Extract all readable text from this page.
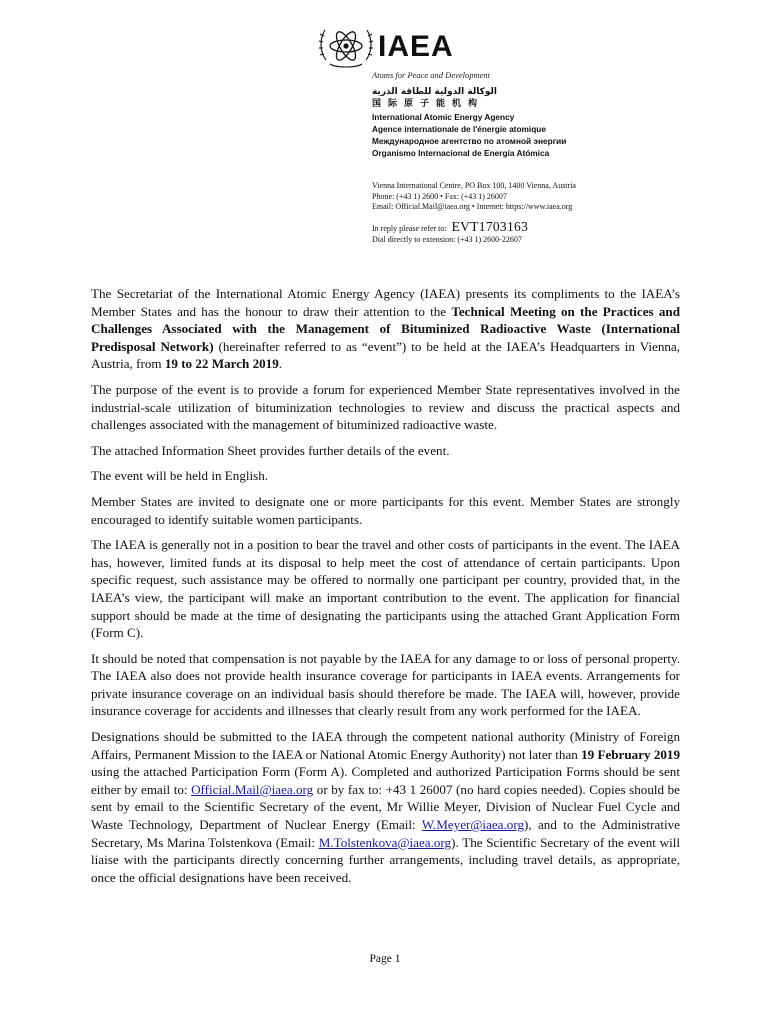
IAEA
Atoms for Peace and Development
الوكالة الدولية للطاقة الذرية
国际原子能机构
International Atomic Energy Agency
Agence internationale de l'énergie atomique
Международное агентство по атомной энергии
Organismo Internacional de Energía Atómica
Vienna International Centre, PO Box 100, 1400 Vienna, Austria
Phone: (+43 1) 2600 • Fax: (+43 1) 26007
Email: Official.Mail@iaea.org • Internet: https://www.iaea.org
In reply please refer to: EVT1703163
Dial directly to extension: (+43 1) 2600-22607

The Secretariat of the International Atomic Energy Agency (IAEA) presents its compliments to the IAEA’s Member States and has the honour to draw their attention to the Technical Meeting on the Practices and Challenges Associated with the Management of Bituminized Radioactive Waste (International Predisposal Network) (hereinafter referred to as “event”) to be held at the IAEA’s Headquarters in Vienna, Austria, from 19 to 22 March 2019.

The purpose of the event is to provide a forum for experienced Member State representatives involved in the industrial-scale utilization of bituminization technologies to review and discuss the practical aspects and challenges associated with the management of bituminized radioactive waste.

The attached Information Sheet provides further details of the event.

The event will be held in English.

Member States are invited to designate one or more participants for this event. Member States are strongly encouraged to identify suitable women participants.

The IAEA is generally not in a position to bear the travel and other costs of participants in the event. The IAEA has, however, limited funds at its disposal to help meet the cost of attendance of certain participants. Upon specific request, such assistance may be offered to normally one participant per country, provided that, in the IAEA’s view, the participant will make an important contribution to the event. The application for financial support should be made at the time of designating the participants using the attached Grant Application Form (Form C).

It should be noted that compensation is not payable by the IAEA for any damage to or loss of personal property. The IAEA also does not provide health insurance coverage for participants in IAEA events. Arrangements for private insurance coverage on an individual basis should therefore be made. The IAEA will, however, provide insurance coverage for accidents and illnesses that clearly result from any work performed for the IAEA.

Designations should be submitted to the IAEA through the competent national authority (Ministry of Foreign Affairs, Permanent Mission to the IAEA or National Atomic Energy Authority) not later than 19 February 2019 using the attached Participation Form (Form A). Completed and authorized Participation Forms should be sent either by email to: Official.Mail@iaea.org or by fax to: +43 1 26007 (no hard copies needed). Copies should be sent by email to the Scientific Secretary of the event, Mr Willie Meyer, Division of Nuclear Fuel Cycle and Waste Technology, Department of Nuclear Energy (Email: W.Meyer@iaea.org), and to the Administrative Secretary, Ms Marina Tolstenkova (Email: M.Tolstenkova@iaea.org). The Scientific Secretary of the event will liaise with the participants directly concerning further arrangements, including travel details, as appropriate, once the official designations have been received.

Page 1
